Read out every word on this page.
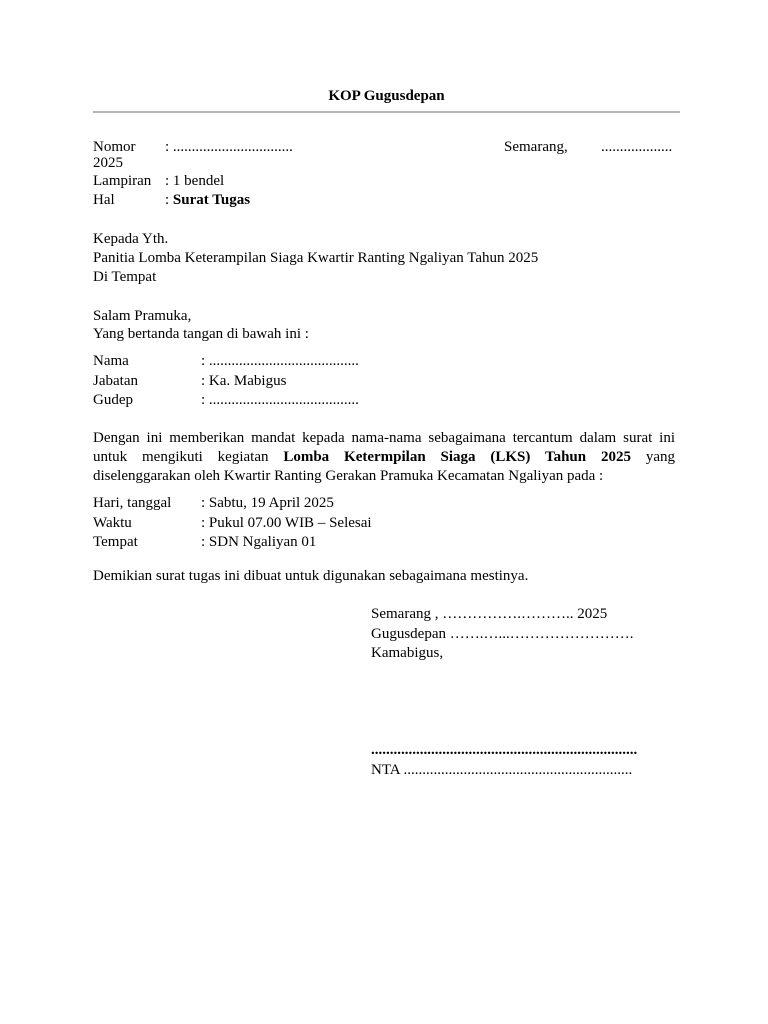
KOP Gugusdepan
Nomor : ................................	Semarang, ...................
2025
Lampiran : 1 bendel
Hal	: Surat Tugas
Kepada Yth.
Panitia Lomba Keterampilan Siaga Kwartir Ranting Ngaliyan Tahun 2025
Di Tempat
Salam Pramuka,
Yang bertanda tangan di bawah ini :
Nama	: ........................................
Jabatan	: Ka. Mabigus
Gudep	: ........................................
Dengan ini memberikan mandat kepada nama-nama sebagaimana tercantum dalam surat ini untuk mengikuti kegiatan Lomba Ketermpilan Siaga (LKS) Tahun 2025 yang diselenggarakan oleh Kwartir Ranting Gerakan Pramuka Kecamatan Ngaliyan pada :
Hari, tanggal : Sabtu, 19 April 2025
Waktu	: Pukul 07.00 WIB – Selesai
Tempat	: SDN Ngaliyan 01
Demikian surat tugas ini dibuat untuk digunakan sebagaimana mestinya.
Semarang , …………….……….. 2025
Gugusdepan …….…...…………………….
Kamabigus,
.......................................................................
NTA .............................................................
